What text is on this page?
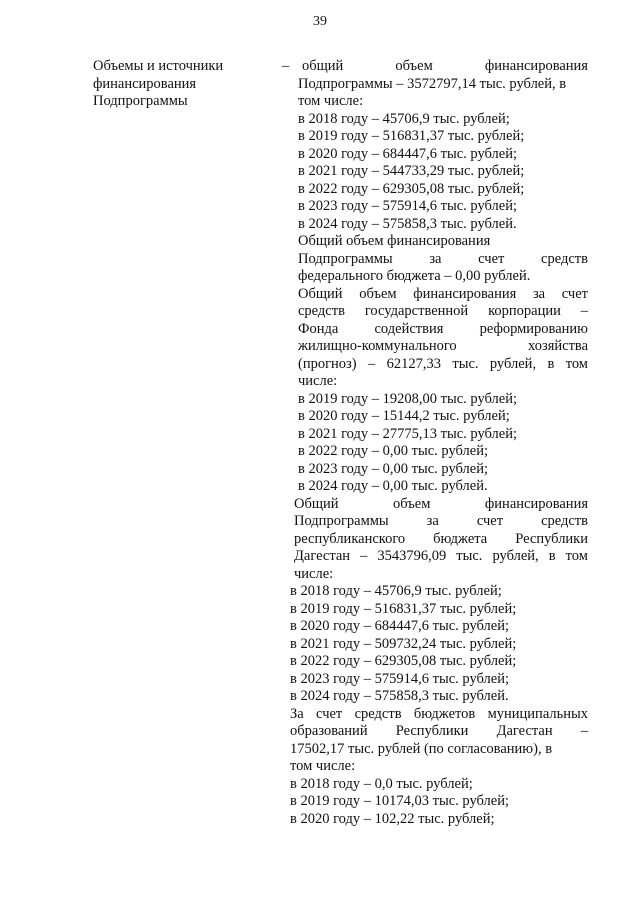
39
Объемы и источники
финансирования
Подпрограммы
– общий	объем	финансирования
Подпрограммы – 3572797,14 тыс. рублей, в
том числе:
в 2018 году – 45706,9 тыс. рублей;
в 2019 году – 516831,37 тыс. рублей;
в 2020 году – 684447,6 тыс. рублей;
в 2021 году – 544733,29 тыс. рублей;
в 2022 году – 629305,08 тыс. рублей;
в 2023 году – 575914,6 тыс. рублей;
в 2024 году – 575858,3 тыс. рублей.
Общий объем финансирования
Подпрограммы	за	счет	средств
федерального бюджета – 0,00 рублей.
Общий объем финансирования за счет
средств государственной корпорации –
Фонда содействия реформированию
жилищно-коммунального	хозяйства
(прогноз) – 62127,33 тыс. рублей, в том
числе:
в 2019 году – 19208,00 тыс. рублей;
в 2020 году – 15144,2 тыс. рублей;
в 2021 году – 27775,13 тыс. рублей;
в 2022 году – 0,00 тыс. рублей;
в 2023 году – 0,00 тыс. рублей;
в 2024 году – 0,00 тыс. рублей.
Общий	объем	финансирования
Подпрограммы	за	счет	средств
республиканского бюджета Республики
Дагестан – 3543796,09 тыс. рублей, в том
числе:
в 2018 году – 45706,9 тыс. рублей;
в 2019 году – 516831,37 тыс. рублей;
в 2020 году – 684447,6 тыс. рублей;
в 2021 году – 509732,24 тыс. рублей;
в 2022 году – 629305,08 тыс. рублей;
в 2023 году – 575914,6 тыс. рублей;
в 2024 году – 575858,3 тыс. рублей.
За счет средств бюджетов муниципальных
образований Республики Дагестан –
17502,17 тыс. рублей (по согласованию), в
том числе:
в 2018 году – 0,0 тыс. рублей;
в 2019 году – 10174,03 тыс. рублей;
в 2020 году – 102,22 тыс. рублей;
